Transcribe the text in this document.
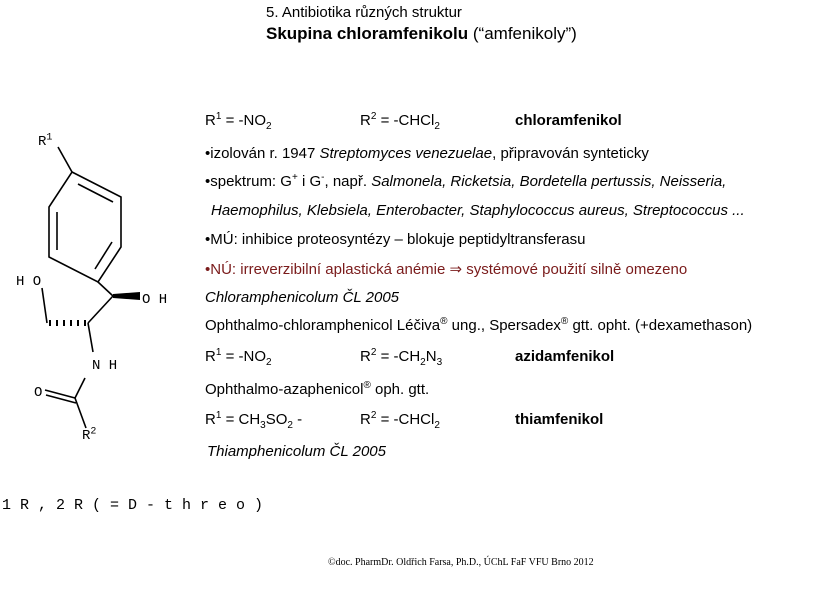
5. Antibiotika různých struktur
Skupina chloramfenikolu (“amfenikoly”)
$R^1$
H O
O H
N H
O
$R^2$
1 R , 2 R ( = D - t h r e o )
$R^1 = -NO_2$	$R^2$ = -CHCl$_2$	chloramfenikol
•izolován r. 1947 Streptomyces venezuelae, připravován synteticky
•spektrum: G+ i G-, např. Salmonela, Ricketsia, Bordetella pertussis, Neisseria,
Haemophilus, Klebsiela, Enterobacter, Staphylococcus aureus, Streptococcus ...
•MÚ: inhibice proteosyntézy – blokuje peptidyltransferasu
•NÚ: irreverzibilní aplastická anémie ⇒ systémové použití silně omezeno
Chloramphenicolum ČL 2005
Ophthalmo-chloramphenicol Léčiva® ung., Spersadex® gtt. opht. (+dexamethason)
$R^1 = -NO_2$	$R^2 = -CH_2N_3$	azidamfenikol
Ophthalmo-azaphenicol® oph. gtt.
$R^1 = CH_3SO_2$ -	$R^2$ = -CHCl$_2$	thiamfenikol
Thiamphenicolum ČL 2005
©doc. PharmDr. Oldřich Farsa, Ph.D., ÚChL FaF VFU Brno 2012
